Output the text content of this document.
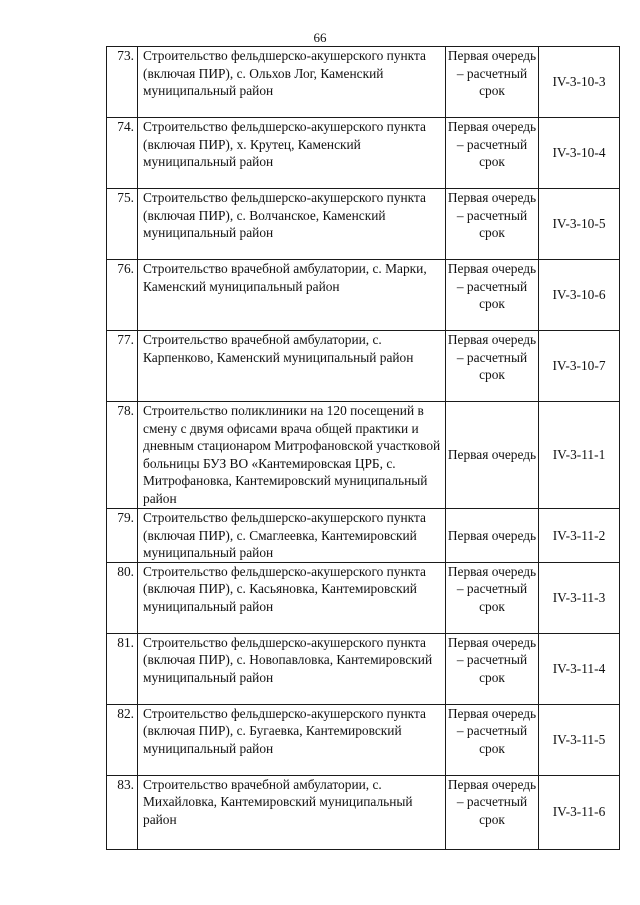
66
73.	Строительство фельдшерско-акушерского пункта (включая ПИР), с. Ольхов Лог, Каменский муниципальный район	Первая очередь – расчетный срок	IV-3-10-3
74.	Строительство фельдшерско-акушерского пункта (включая ПИР), х. Крутец, Каменский муниципальный район	Первая очередь – расчетный срок	IV-3-10-4
75.	Строительство фельдшерско-акушерского пункта (включая ПИР), с. Волчанское, Каменский муниципальный район	Первая очередь – расчетный срок	IV-3-10-5
76.	Строительство врачебной амбулатории, с. Марки, Каменский муниципальный район	Первая очередь – расчетный срок	IV-3-10-6
77.	Строительство врачебной амбулатории, с. Карпенково, Каменский муниципальный район	Первая очередь – расчетный срок	IV-3-10-7
78.	Строительство поликлиники на 120 посещений в смену с двумя офисами врача общей практики и дневным стационаром Митрофановской участковой больницы БУЗ ВО «Кантемировская ЦРБ, с. Митрофановка, Кантемировский муниципальный район	Первая очередь	IV-3-11-1
79.	Строительство фельдшерско-акушерского пункта (включая ПИР), с. Смаглеевка, Кантемировский муниципальный район	Первая очередь	IV-3-11-2
80.	Строительство фельдшерско-акушерского пункта (включая ПИР), с. Касьяновка, Кантемировский муниципальный район	Первая очередь – расчетный срок	IV-3-11-3
81.	Строительство фельдшерско-акушерского пункта (включая ПИР), с. Новопавловка, Кантемировский муниципальный район	Первая очередь – расчетный срок	IV-3-11-4
82.	Строительство фельдшерско-акушерского пункта (включая ПИР), с. Бугаевка, Кантемировский муниципальный район	Первая очередь – расчетный срок	IV-3-11-5
83.	Строительство врачебной амбулатории, с. Михайловка, Кантемировский муниципальный район	Первая очередь – расчетный срок	IV-3-11-6
